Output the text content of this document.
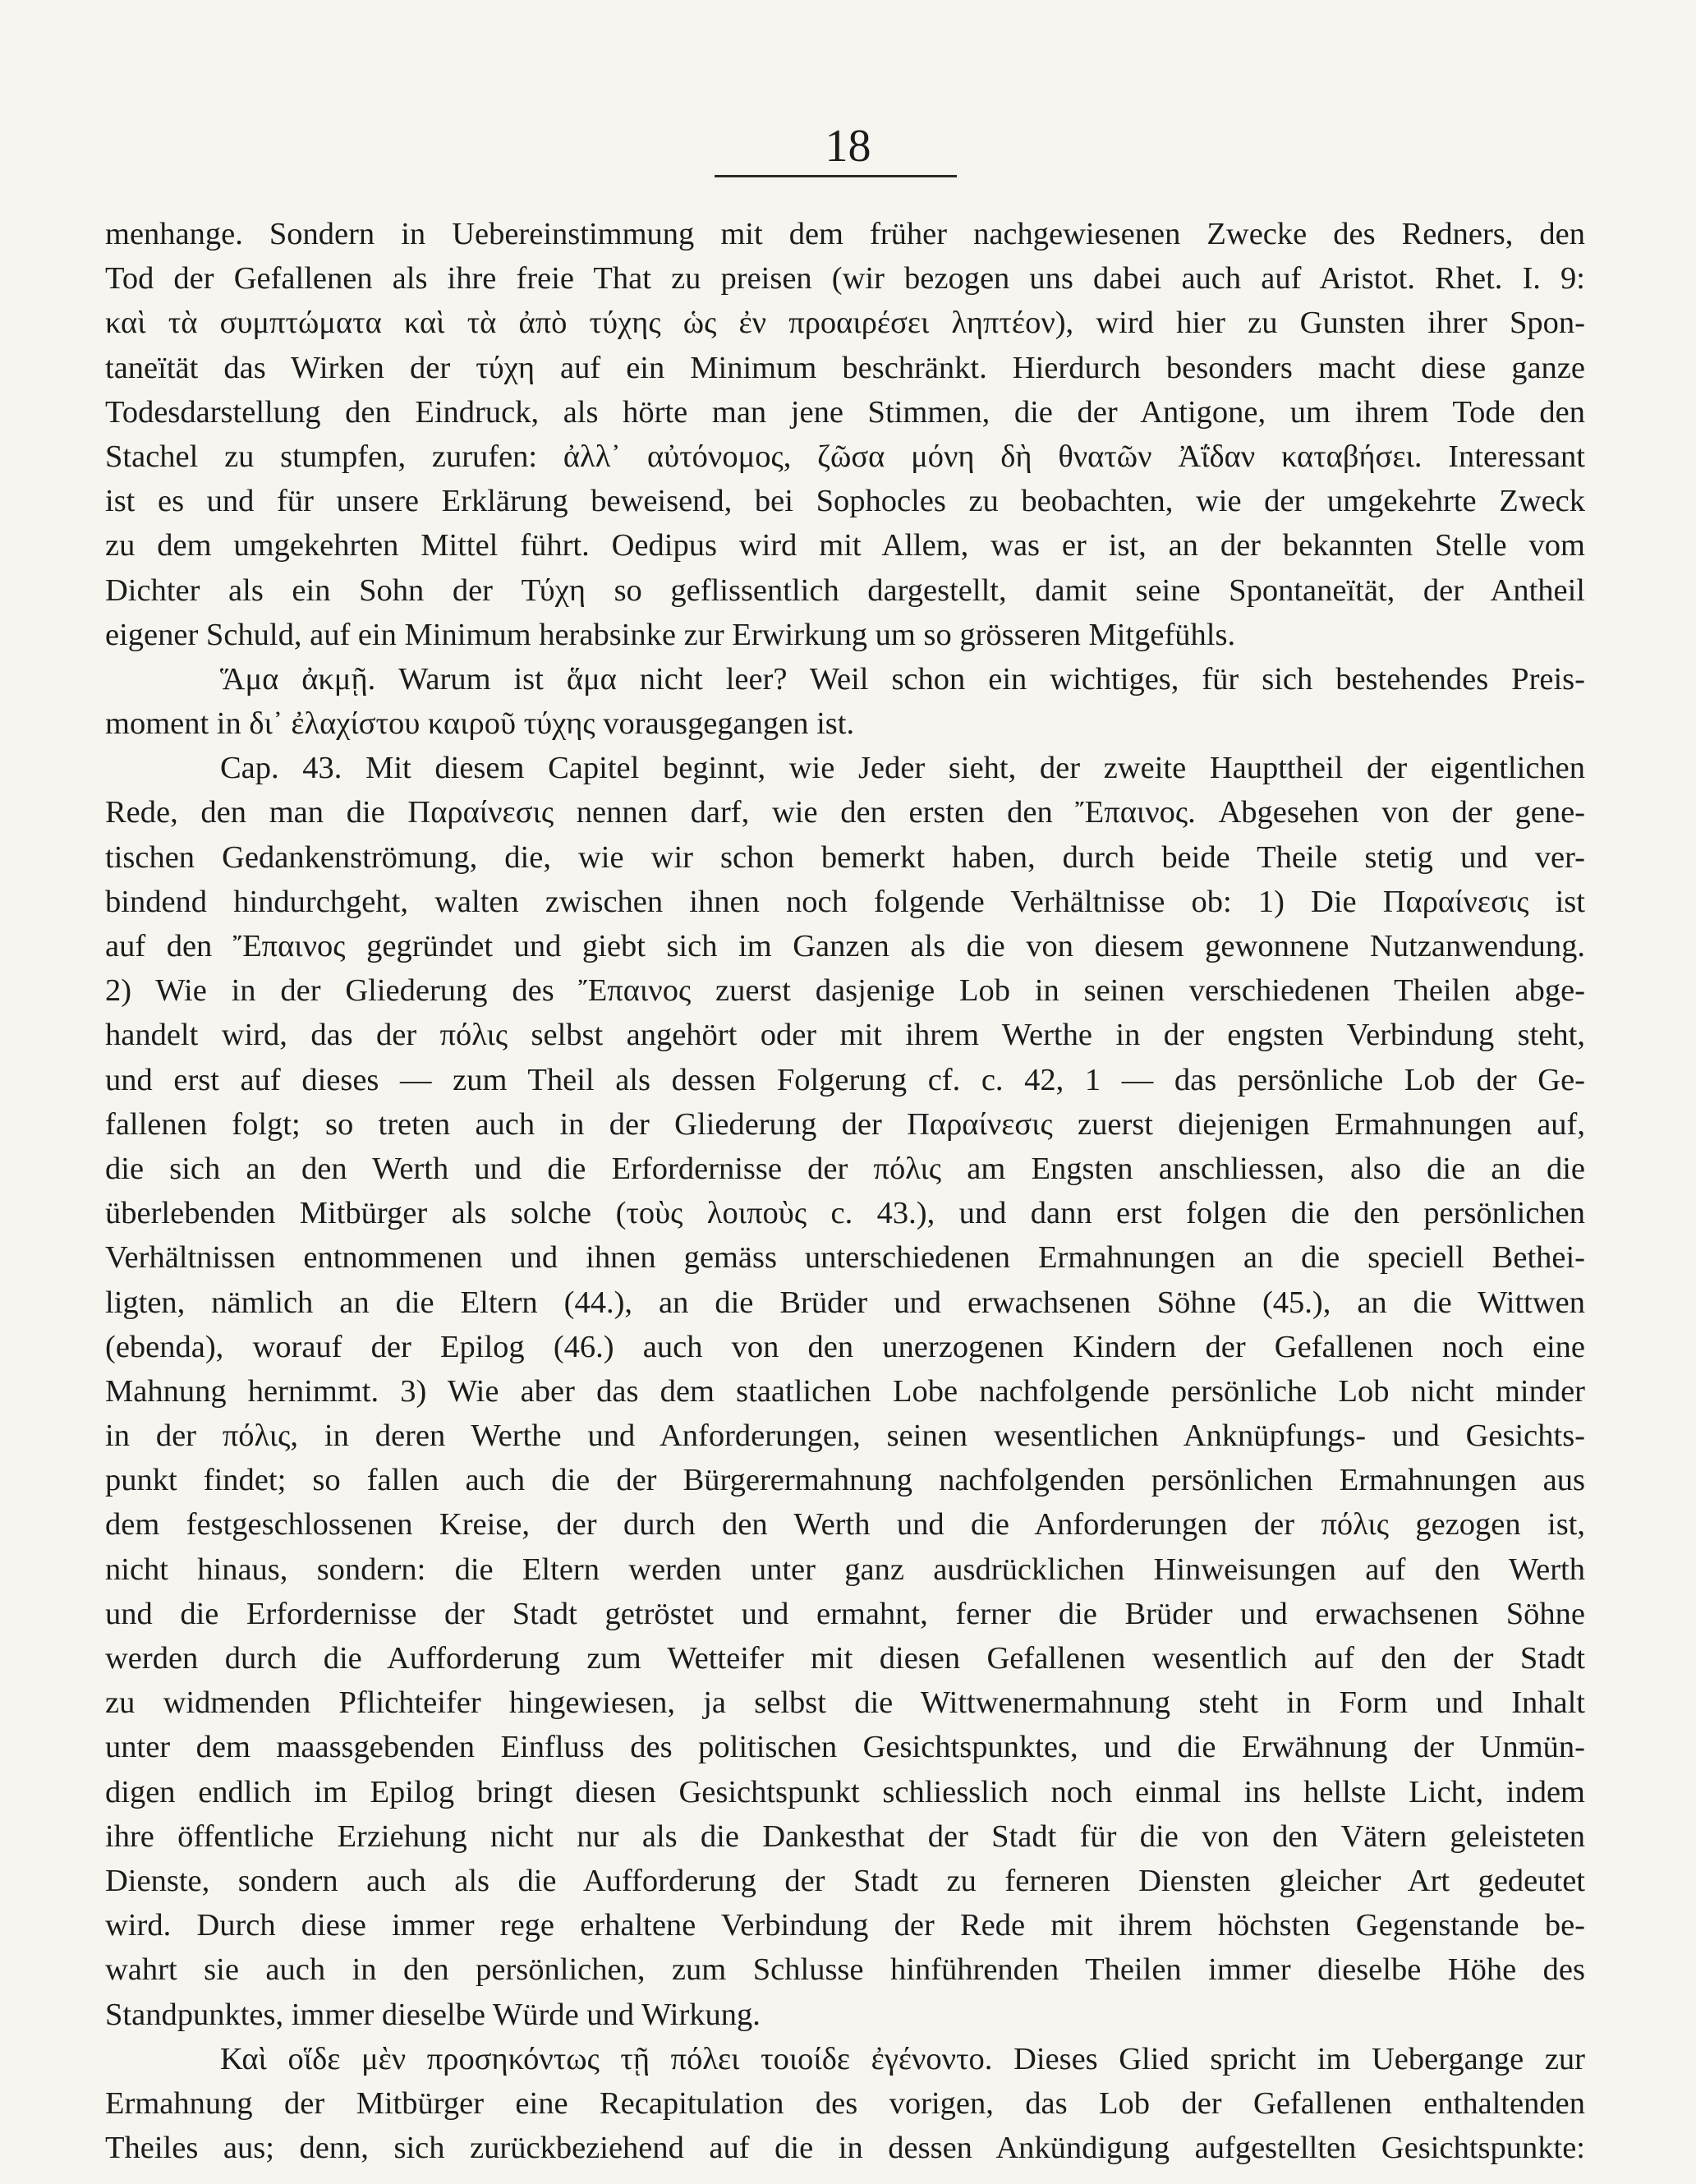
18
menhange. Sondern in Uebereinstimmung mit dem früher nachgewiesenen Zwecke des Redners, den
Tod der Gefallenen als ihre freie That zu preisen (wir bezogen uns dabei auch auf Aristot. Rhet. I. 9:
καὶ τὰ συμπτώματα καὶ τὰ ἀπὸ τύχης ὡς ἐν προαιρέσει ληπτέον), wird hier zu Gunsten ihrer Spon-
taneïtät das Wirken der τύχη auf ein Minimum beschränkt. Hierdurch besonders macht diese ganze
Todesdarstellung den Eindruck, als hörte man jene Stimmen, die der Antigone, um ihrem Tode den
Stachel zu stumpfen, zurufen: ἀλλ᾽ αὐτόνομος, ζῶσα μόνη δὴ θνατῶν Ἀΐδαν καταβήσει. Interessant
ist es und für unsere Erklärung beweisend, bei Sophocles zu beobachten, wie der umgekehrte Zweck
zu dem umgekehrten Mittel führt. Oedipus wird mit Allem, was er ist, an der bekannten Stelle vom
Dichter als ein Sohn der Τύχη so geflissentlich dargestellt, damit seine Spontaneïtät, der Antheil
eigener Schuld, auf ein Minimum herabsinke zur Erwirkung um so grösseren Mitgefühls.
Ἅμα ἀκμῇ. Warum ist ἅμα nicht leer? Weil schon ein wichtiges, für sich bestehendes Preis-
moment in δι᾽ ἐλαχίστου καιροῦ τύχης vorausgegangen ist.
Cap. 43. Mit diesem Capitel beginnt, wie Jeder sieht, der zweite Haupttheil der eigentlichen
Rede, den man die Παραίνεσις nennen darf, wie den ersten den Ἔπαινος. Abgesehen von der gene-
tischen Gedankenströmung, die, wie wir schon bemerkt haben, durch beide Theile stetig und ver-
bindend hindurchgeht, walten zwischen ihnen noch folgende Verhältnisse ob: 1) Die Παραίνεσις ist
auf den Ἔπαινος gegründet und giebt sich im Ganzen als die von diesem gewonnene Nutzanwendung.
2) Wie in der Gliederung des Ἔπαινος zuerst dasjenige Lob in seinen verschiedenen Theilen abge-
handelt wird, das der πόλις selbst angehört oder mit ihrem Werthe in der engsten Verbindung steht,
und erst auf dieses — zum Theil als dessen Folgerung cf. c. 42, 1 — das persönliche Lob der Ge-
fallenen folgt; so treten auch in der Gliederung der Παραίνεσις zuerst diejenigen Ermahnungen auf,
die sich an den Werth und die Erfordernisse der πόλις am Engsten anschliessen, also die an die
überlebenden Mitbürger als solche (τοὺς λοιποὺς c. 43.), und dann erst folgen die den persönlichen
Verhältnissen entnommenen und ihnen gemäss unterschiedenen Ermahnungen an die speciell Bethei-
ligten, nämlich an die Eltern (44.), an die Brüder und erwachsenen Söhne (45.), an die Wittwen
(ebenda), worauf der Epilog (46.) auch von den unerzogenen Kindern der Gefallenen noch eine
Mahnung hernimmt. 3) Wie aber das dem staatlichen Lobe nachfolgende persönliche Lob nicht minder
in der πόλις, in deren Werthe und Anforderungen, seinen wesentlichen Anknüpfungs- und Gesichts-
punkt findet; so fallen auch die der Bürgerermahnung nachfolgenden persönlichen Ermahnungen aus
dem festgeschlossenen Kreise, der durch den Werth und die Anforderungen der πόλις gezogen ist,
nicht hinaus, sondern: die Eltern werden unter ganz ausdrücklichen Hinweisungen auf den Werth
und die Erfordernisse der Stadt getröstet und ermahnt, ferner die Brüder und erwachsenen Söhne
werden durch die Aufforderung zum Wetteifer mit diesen Gefallenen wesentlich auf den der Stadt
zu widmenden Pflichteifer hingewiesen, ja selbst die Wittwenermahnung steht in Form und Inhalt
unter dem maassgebenden Einfluss des politischen Gesichtspunktes, und die Erwähnung der Unmün-
digen endlich im Epilog bringt diesen Gesichtspunkt schliesslich noch einmal ins hellste Licht, indem
ihre öffentliche Erziehung nicht nur als die Dankesthat der Stadt für die von den Vätern geleisteten
Dienste, sondern auch als die Aufforderung der Stadt zu ferneren Diensten gleicher Art gedeutet
wird. Durch diese immer rege erhaltene Verbindung der Rede mit ihrem höchsten Gegenstande be-
wahrt sie auch in den persönlichen, zum Schlusse hinführenden Theilen immer dieselbe Höhe des
Standpunktes, immer dieselbe Würde und Wirkung.
Καὶ οἵδε μὲν προσηκόντως τῇ πόλει τοιοίδε ἐγένοντο. Dieses Glied spricht im Uebergange zur
Ermahnung der Mitbürger eine Recapitulation des vorigen, das Lob der Gefallenen enthaltenden
Theiles aus; denn, sich zurückbeziehend auf die in dessen Ankündigung aufgestellten Gesichtspunkte:
